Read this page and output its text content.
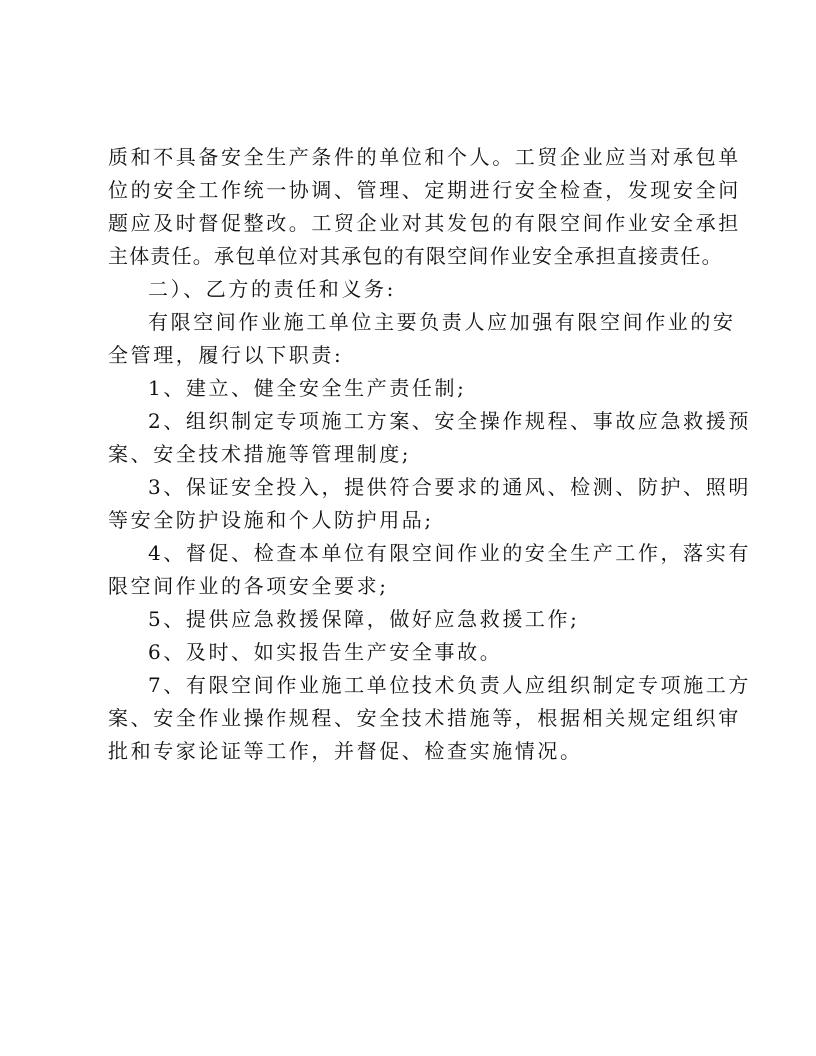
质和不具备安全生产条件的单位和个人。工贸企业应当对承包单
位的安全工作统一协调、管理、定期进行安全检查，发现安全问
题应及时督促整改。工贸企业对其发包的有限空间作业安全承担
主体责任。承包单位对其承包的有限空间作业安全承担直接责任。
二）、乙方的责任和义务:
有限空间作业施工单位主要负责人应加强有限空间作业的安
全管理，履行以下职责:
1、建立、健全安全生产责任制;
2、组织制定专项施工方案、安全操作规程、事故应急救援预
案、安全技术措施等管理制度;
3、保证安全投入，提供符合要求的通风、检测、防护、照明
等安全防护设施和个人防护用品;
4、督促、检查本单位有限空间作业的安全生产工作，落实有
限空间作业的各项安全要求;
5、提供应急救援保障，做好应急救援工作;
6、及时、如实报告生产安全事故。
7、有限空间作业施工单位技术负责人应组织制定专项施工方
案、安全作业操作规程、安全技术措施等，根据相关规定组织审
批和专家论证等工作，并督促、检查实施情况。
